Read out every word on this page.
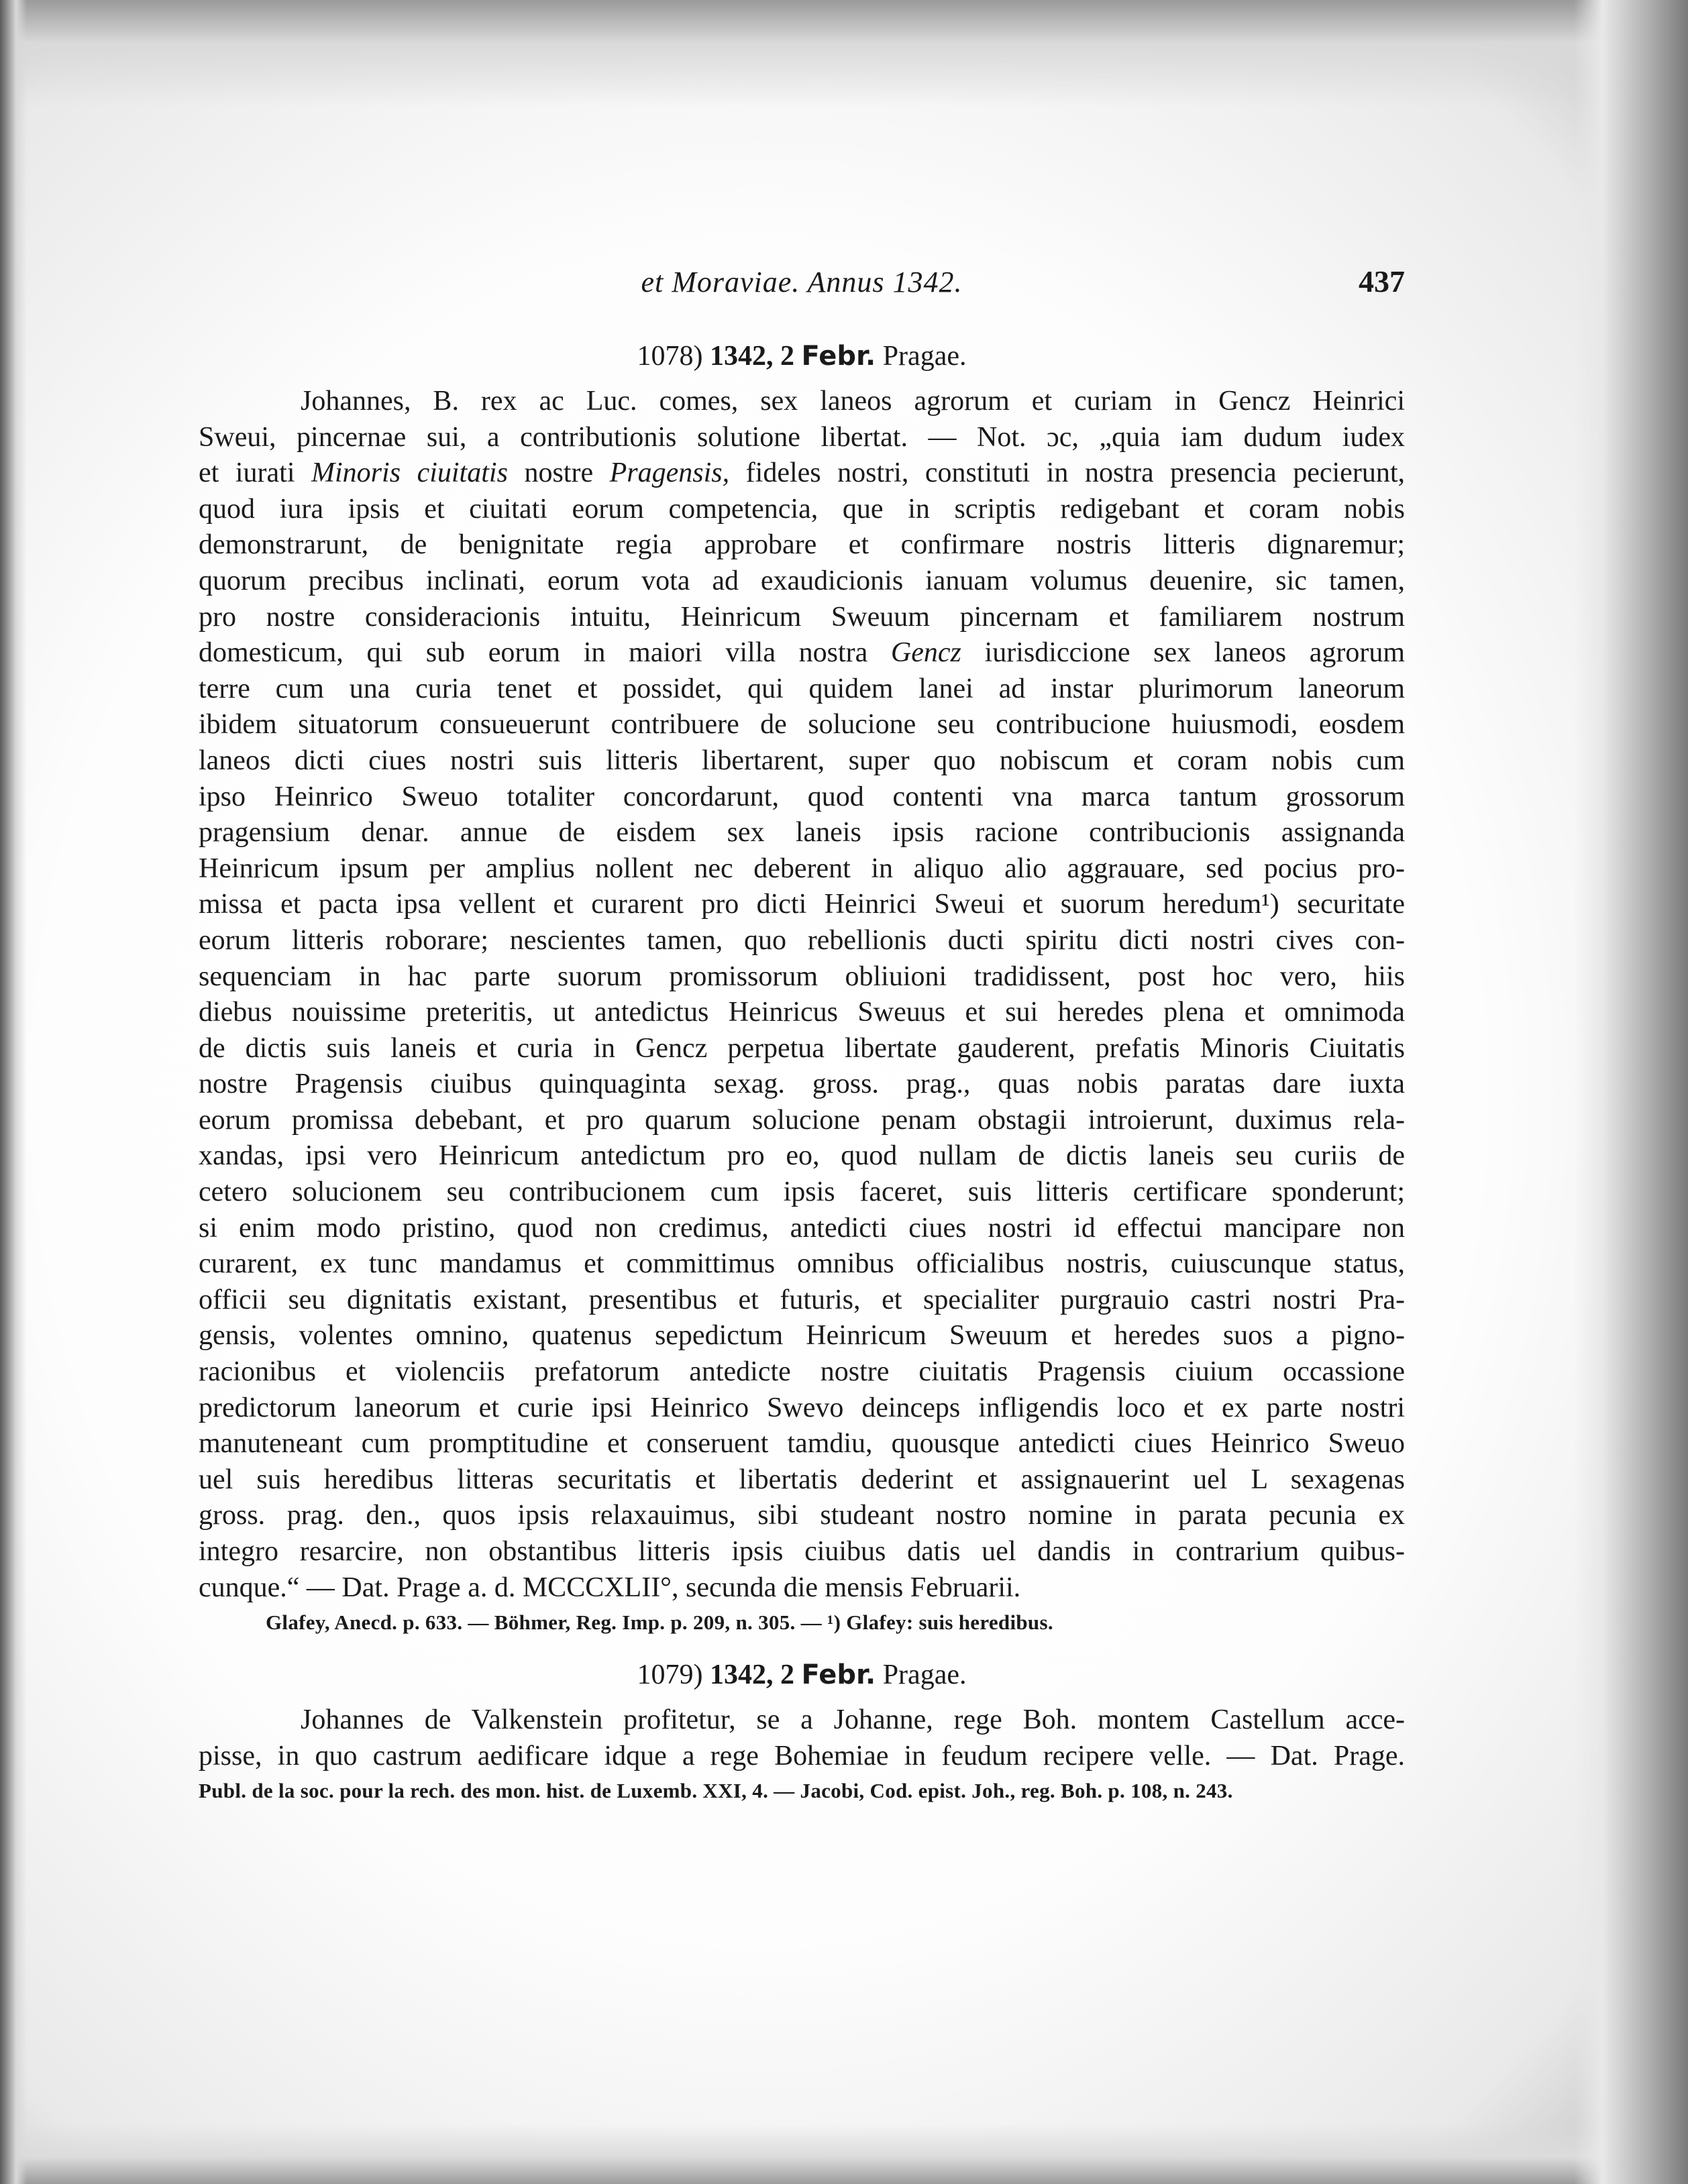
et Moraviae. Annus 1342.	437
1078) 1342, 2 Febr. Pragae.
Johannes, B. rex ac Luc. comes, sex laneos agrorum et curiam in Gencz Heinrici
Sweui, pincernae sui, a contributionis solutione libertat. — Not. ɔc, „quia iam dudum iudex
et iurati Minoris ciuitatis nostre Pragensis, fideles nostri, constituti in nostra presencia pecierunt,
quod iura ipsis et ciuitati eorum competencia, que in scriptis redigebant et coram nobis
demonstrarunt, de benignitate regia approbare et confirmare nostris litteris dignaremur;
quorum precibus inclinati, eorum vota ad exaudicionis ianuam volumus deuenire, sic tamen,
pro nostre consideracionis intuitu, Heinricum Sweuum pincernam et familiarem nostrum
domesticum, qui sub eorum in maiori villa nostra Gencz iurisdiccione sex laneos agrorum
terre cum una curia tenet et possidet, qui quidem lanei ad instar plurimorum laneorum
ibidem situatorum consueuerunt contribuere de solucione seu contribucione huiusmodi, eosdem
laneos dicti ciues nostri suis litteris libertarent, super quo nobiscum et coram nobis cum
ipso Heinrico Sweuo totaliter concordarunt, quod contenti vna marca tantum grossorum
pragensium denar. annue de eisdem sex laneis ipsis racione contribucionis assignanda
Heinricum ipsum per amplius nollent nec deberent in aliquo alio aggrauare, sed pocius pro-
missa et pacta ipsa vellent et curarent pro dicti Heinrici Sweui et suorum heredum¹) securitate
eorum litteris roborare; nescientes tamen, quo rebellionis ducti spiritu dicti nostri cives con-
sequenciam in hac parte suorum promissorum obliuioni tradidissent, post hoc vero, hiis
diebus nouissime preteritis, ut antedictus Heinricus Sweuus et sui heredes plena et omnimoda
de dictis suis laneis et curia in Gencz perpetua libertate gauderent, prefatis Minoris Ciuitatis
nostre Pragensis ciuibus quinquaginta sexag. gross. prag., quas nobis paratas dare iuxta
eorum promissa debebant, et pro quarum solucione penam obstagii introierunt, duximus rela-
xandas, ipsi vero Heinricum antedictum pro eo, quod nullam de dictis laneis seu curiis de
cetero solucionem seu contribucionem cum ipsis faceret, suis litteris certificare sponderunt;
si enim modo pristino, quod non credimus, antedicti ciues nostri id effectui mancipare non
curarent, ex tunc mandamus et committimus omnibus officialibus nostris, cuiuscunque status,
officii seu dignitatis existant, presentibus et futuris, et specialiter purgrauio castri nostri Pra-
gensis, volentes omnino, quatenus sepedictum Heinricum Sweuum et heredes suos a pigno-
racionibus et violenciis prefatorum antedicte nostre ciuitatis Pragensis ciuium occassione
predictorum laneorum et curie ipsi Heinrico Swevo deinceps infligendis loco et ex parte nostri
manuteneant cum promptitudine et conseruent tamdiu, quousque antedicti ciues Heinrico Sweuo
uel suis heredibus litteras securitatis et libertatis dederint et assignauerint uel L sexagenas
gross. prag. den., quos ipsis relaxauimus, sibi studeant nostro nomine in parata pecunia ex
integro resarcire, non obstantibus litteris ipsis ciuibus datis uel dandis in contrarium quibus-
cunque.“ — Dat. Prage a. d. MCCCXLII°, secunda die mensis Februarii.
Glafey, Anecd. p. 633. — Böhmer, Reg. Imp. p. 209, n. 305. — ¹) Glafey: suis heredibus.
1079) 1342, 2 Febr. Pragae.
Johannes de Valkenstein profitetur, se a Johanne, rege Boh. montem Castellum acce-
pisse, in quo castrum aedificare idque a rege Bohemiae in feudum recipere velle. — Dat. Prage.
Publ. de la soc. pour la rech. des mon. hist. de Luxemb. XXI, 4. — Jacobi, Cod. epist. Joh., reg. Boh. p. 108, n. 243.
